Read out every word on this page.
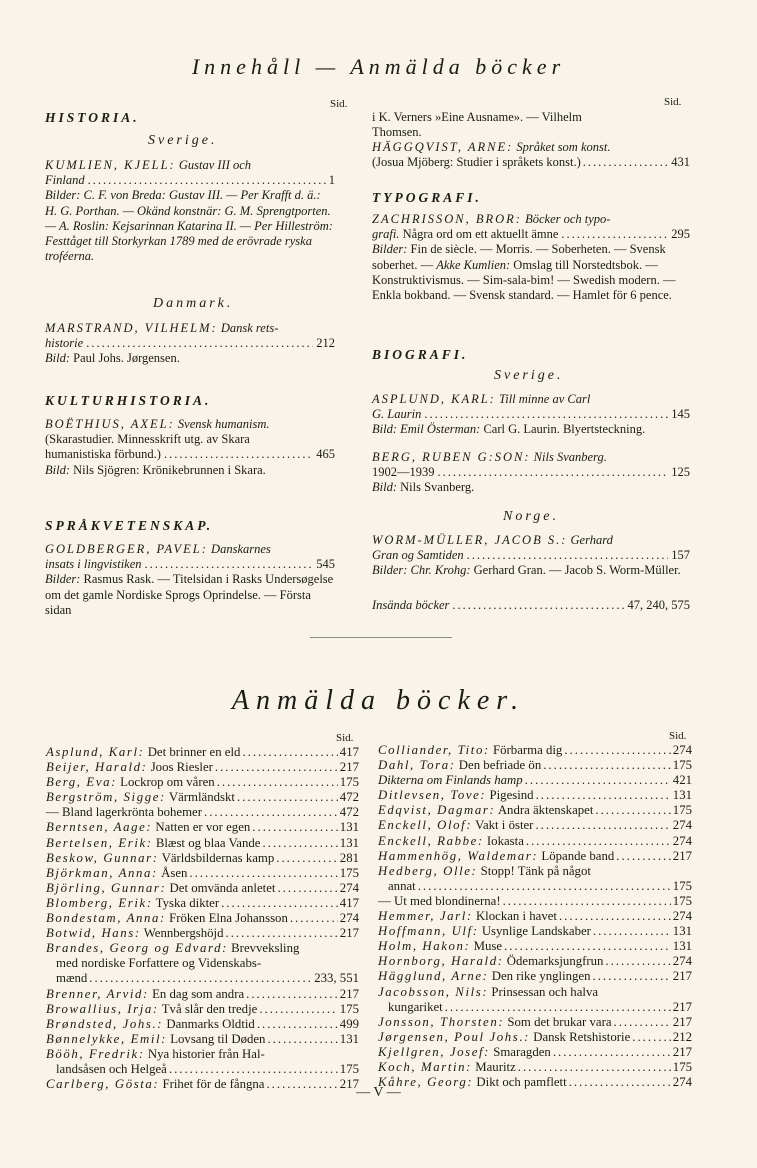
Innehåll — Anmälda böcker
Sid.
HISTORIA.
Sverige.
KUMLIEN, KJELL: Gustav III och
Finland .....	1
Bilder: C. F. von Breda: Gustav III. — Per Krafft d. ä.: H. G. Porthan. — Okänd konstnär: G. M. Sprengtporten. — A. Roslin: Kejsarinnan Katarina II. — Per Hilleström: Festtåget till Storkyrkan 1789 med de erövrade ryska troféerna.
Danmark.
MARSTRAND, VILHELM: Dansk rets-
historie .....	212
Bild: Paul Johs. Jørgensen.
KULTURHISTORIA.
BOËTHIUS, AXEL: Svensk humanism.
(Skarastudier. Minnesskrift utg. av Skara
humanistiska förbund.) .....	465
Bild: Nils Sjögren: Krönikebrunnen i Skara.
SPRÅKVETENSKAP.
GOLDBERGER, PAVEL: Danskarnes
insats i lingvistiken .....	545
Bilder: Rasmus Rask. — Titelsidan i Rasks Undersøgelse om det gamle Nordiske Sprogs Oprindelse. — Första sidan
Sid.
i K. Verners »Eine Ausname». — Vilhelm
Thomsen.
HÄGGQVIST, ARNE: Språket som konst.
(Josua Mjöberg: Studier i språkets konst.) .....	431
TYPOGRAFI.
ZACHRISSON, BROR: Böcker och typo-
grafi. Några ord om ett aktuellt ämne .....	295
Bilder: Fin de siècle. — Morris. — Soberheten. — Svensk soberhet. — Akke Kumlien: Omslag till Norstedtsbok. — Konstruktivismus. — Sim-sala-bim! — Swedish modern. — Enkla bokband. — Svensk standard. — Hamlet för 6 pence.
BIOGRAFI.
Sverige.
ASPLUND, KARL: Till minne av Carl
G. Laurin .....	145
Bild: Emil Österman: Carl G. Laurin. Blyertsteckning.
BERG, RUBEN G:SON: Nils Svanberg.
1902—1939 .....	125
Bild: Nils Svanberg.
Norge.
WORM-MÜLLER, JACOB S.: Gerhard
Gran og Samtiden .....	157
Bilder: Chr. Krohg: Gerhard Gran. — Jacob S. Worm-Müller.
Insända böcker .....	47, 240, 575
Anmälda böcker.
Sid.	Sid.
Asplund, Karl: Det brinner en eld .....	417
Beijer, Harald: Joos Riesler .....	217
Berg, Eva: Lockrop om våren .....	175
Bergström, Sigge: Värmländskt .....	472
— Bland lagerkrönta bohemer .....	472
Berntsen, Aage: Natten er vor egen .....	131
Bertelsen, Erik: Blæst og blaa Vande .....	131
Beskow, Gunnar: Världsbildernas kamp .....	281
Björkman, Anna: Åsen .....	175
Björling, Gunnar: Det omvända anletet .....	274
Blomberg, Erik: Tyska dikter .....	417
Bondestam, Anna: Fröken Elna Johansson .....	274
Botwid, Hans: Wennbergshöjd .....	217
Brandes, Georg og Edvard: Brevveksling
med nordiske Forfattere og Videnskabs-
mænd .....	233, 551
Brenner, Arvid: En dag som andra .....	217
Browallius, Irja: Två slår den tredje .....	175
Brøndsted, Johs.: Danmarks Oldtid .....	499
Bønnelykke, Emil: Lovsang til Døden .....	131
Bööh, Fredrik: Nya historier från Hal-
landsåsen och Helgeå .....	175
Carlberg, Gösta: Frihet för de fångna .....	217
Colliander, Tito: Förbarma dig .....	274
Dahl, Tora: Den befriade ön .....	175
Dikterna om Finlands hamp .....	421
Ditlevsen, Tove: Pigesind .....	131
Edqvist, Dagmar: Andra äktenskapet .....	175
Enckell, Olof: Vakt i öster .....	274
Enckell, Rabbe: Iokasta .....	274
Hammenhög, Waldemar: Löpande band .....	217
Hedberg, Olle: Stopp! Tänk på något
annat .....	175
— Ut med blondinerna! .....	175
Hemmer, Jarl: Klockan i havet .....	274
Hoffmann, Ulf: Usynlige Landskaber .....	131
Holm, Hakon: Muse .....	131
Hornborg, Harald: Ödemarksjungfrun .....	274
Hägglund, Arne: Den rike ynglingen .....	217
Jacobsson, Nils: Prinsessan och halva
kungariket .....	217
Jonsson, Thorsten: Som det brukar vara .....	217
Jørgensen, Poul Johs.: Dansk Retshistorie .....	212
Kjellgren, Josef: Smaragden .....	217
Koch, Martin: Mauritz .....	175
Kåhre, Georg: Dikt och pamflett .....	274
— V —
